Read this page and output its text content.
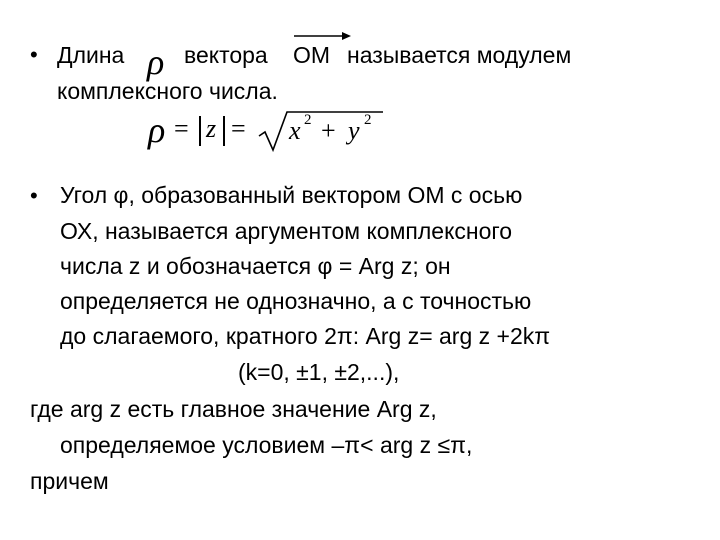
• Длина ρ вектора OM называется модулем
комплексного числа.
ρ = z = x 2 + y 2
• Угол φ, образованный вектором ОМ с осью
ОХ, называется аргументом комплексного
числа z и обозначается φ = Arg z; он
определяется не однозначно, а с точностью
до слагаемого, кратного 2π: Arg z= arg z +2kπ
(k=0, ±1, ±2,...),
где arg z есть главное значение Arg z,
определяемое условием –π< arg z ≤π,
причем
